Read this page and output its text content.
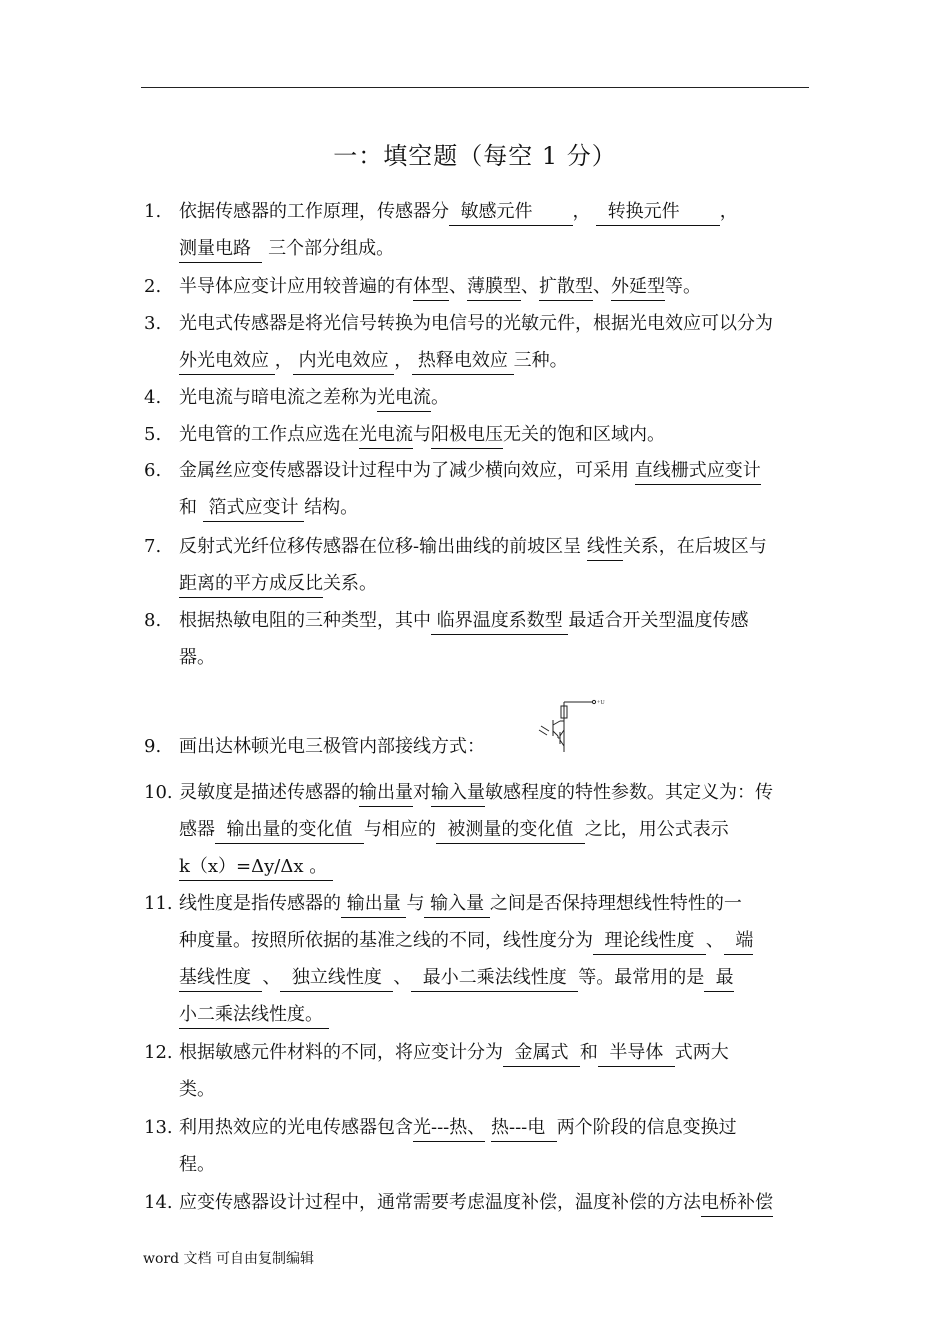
一：填空题（每空 1 分）
1. 依据传感器的工作原理，传感器分  敏感元件       ，   转换元件       ，
测量电路   三个部分组成。
2. 半导体应变计应用较普遍的有体型、薄膜型、扩散型、外延型等。
3. 光电式传感器是将光信号转换为电信号的光敏元件，根据光电效应可以分为
外光电效应 ， 内光电效应 ， 热释电效应 三种。
4. 光电流与暗电流之差称为光电流。
5. 光电管的工作点应选在光电流与阳极电压无关的饱和区域内。
6. 金属丝应变传感器设计过程中为了减少横向效应，可采用 直线栅式应变计
和  箔式应变计 结构。
7. 反射式光纤位移传感器在位移-输出曲线的前坡区呈 线性关系，在后坡区与
距离的平方成反比关系。
8. 根据热敏电阻的三种类型，其中 临界温度系数型 最适合开关型温度传感
器。
9. 画出达林顿光电三极管内部接线方式：
10. 灵敏度是描述传感器的输出量对输入量敏感程度的特性参数。其定义为：传
感器  输出量的变化值  与相应的  被测量的变化值  之比，用公式表示
k（x）=Δy/Δx 。
11. 线性度是指传感器的 输出量 与 输入量 之间是否保持理想线性特性的一
种度量。按照所依据的基准之线的不同，线性度分为  理论线性度  、  端
基线性度  、  独立线性度  、  最小二乘法线性度  等。最常用的是  最
小二乘法线性度。
12. 根据敏感元件材料的不同，将应变计分为  金属式  和  半导体  式两大
类。
13. 利用热效应的光电传感器包含光---热、 热---电  两个阶段的信息变换过
程。
14. 应变传感器设计过程中，通常需要考虑温度补偿，温度补偿的方法电桥补偿
+U
word 文档 可自由复制编辑
